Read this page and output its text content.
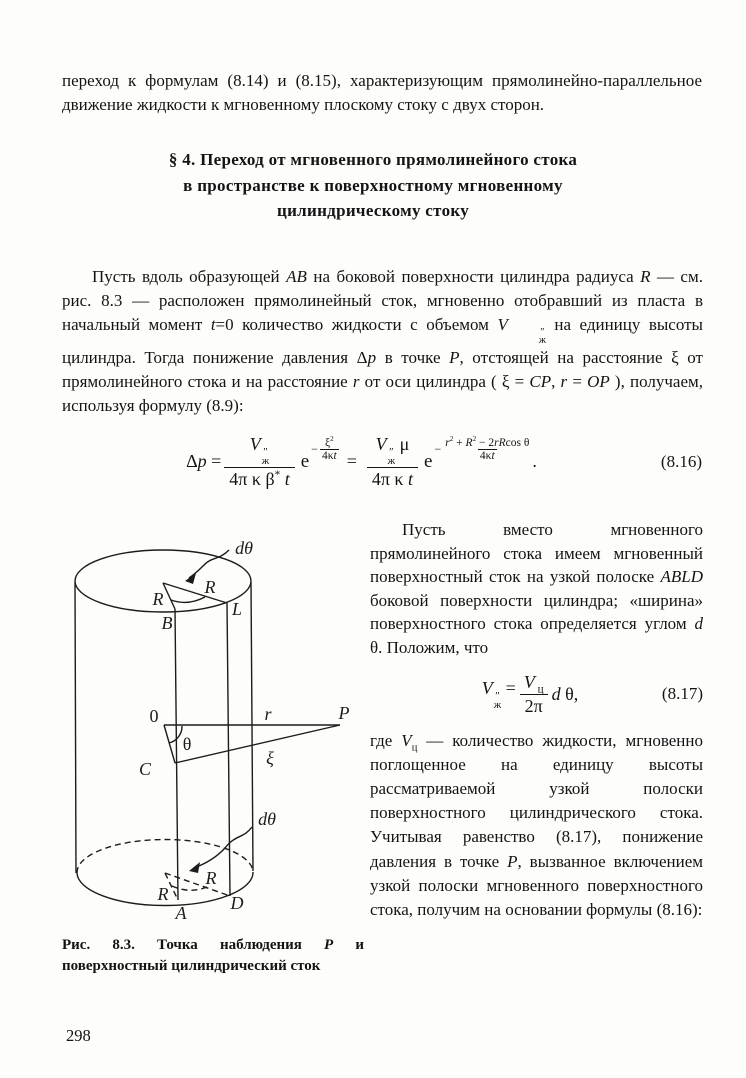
переход к формулам (8.14) и (8.15), характеризующим прямолинейно-параллельное движение жидкости к мгновенному плоскому стоку с двух сторон.

§ 4. Переход от мгновенного прямолинейного стока
в пространстве к поверхностному мгновенному
цилиндрическому стоку

Пусть вдоль образующей AB на боковой поверхности цилиндра радиуса R — см. рис. 8.3 — расположен прямолинейный сток, мгновенно отобравший из пласта в начальный момент t=0 количество жидкости с объемом V	″
ж
на единицу высоты цилиндра. Тогда понижение давления Δp в точке P, отстоящей на расстояние ξ от прямолинейного стока и на расстояние r от оси цилиндра ( ξ = CP, r = OP ), получаем, используя формулу (8.9):

Δp = V ″
ж
4π κ β* t e
− $\frac{\xi^2}{4\kappa t} = V$ ″
ж
μ
4π κ t e
− $\frac{r^2 + R^2 - 2rRcos \theta}{4\kappa t}$ .	(8.16)
dθ
R
R
B
L
0	r	P
θ
C
ξ
dθ
R
R
A D

Рис. 8.3. Точка наблюдения P и поверхностный цилиндрический сток

Пусть вместо мгновенного прямолинейного стока имеем мгновенный поверхностный сток на узкой полоске ABLD боковой поверхности цилиндра; «ширина» поверхностного стока определяется углом d θ. Положим, что

V ″
ж
= $\frac{V _ц}{2\pi}$ d θ,	(8.17)

где $V_ц$ — количество жидкости, мгновенно поглощенное на единицу высоты рассматриваемой узкой полоски поверхностного цилиндрического стока. Учитывая равенство (8.17), понижение давления в точке P, вызванное включением узкой полоски мгновенного поверхностного стока, получим на основании формулы (8.16):

298
